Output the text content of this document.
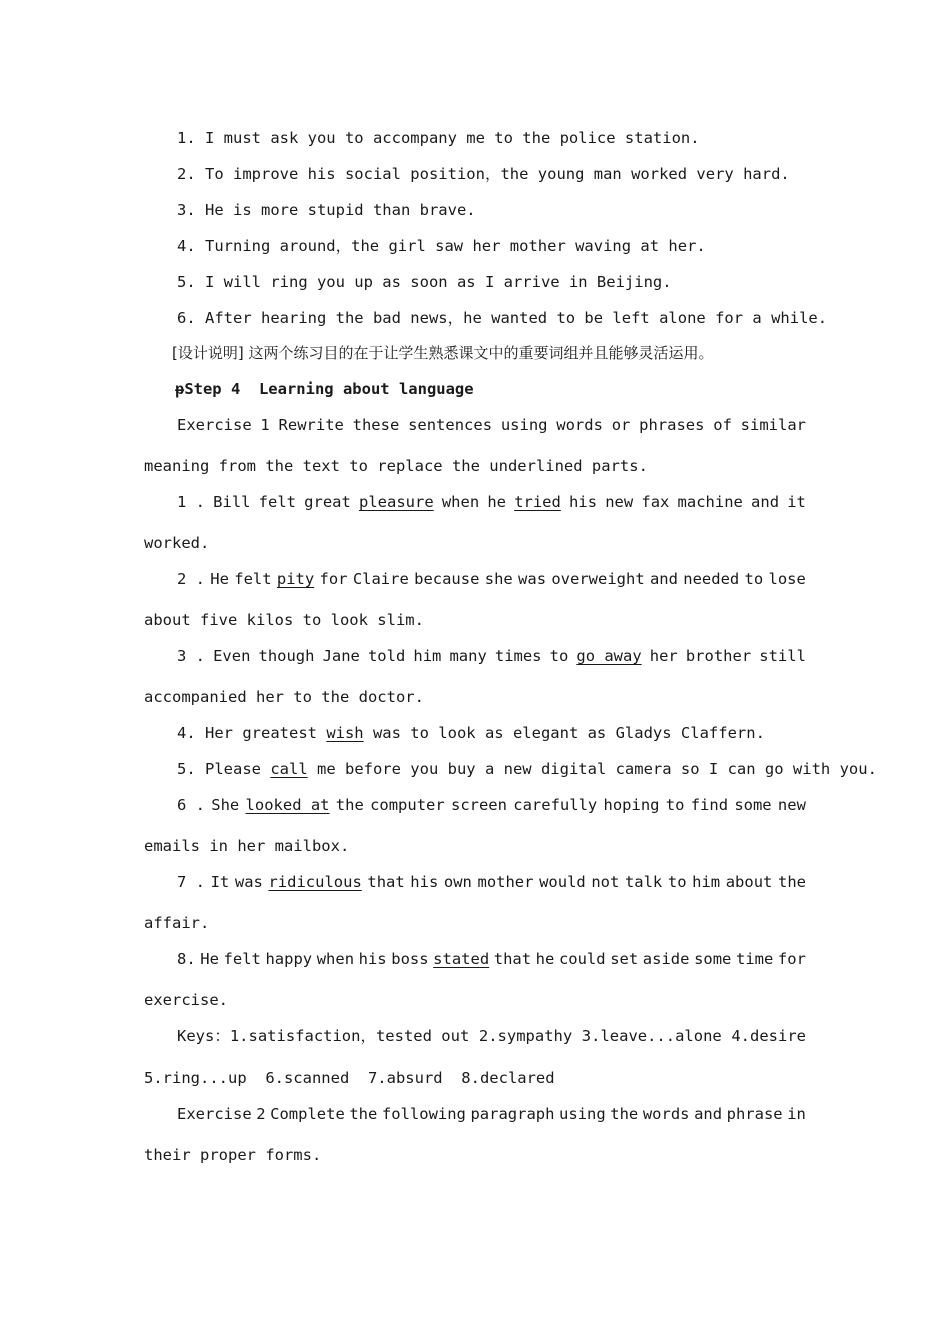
1. I must ask you to accompany me to the police station.
2. To improve his social position，the young man worked very hard.
3. He is more stupid than brave.
4. Turning around，the girl saw her mother waving at her.
5. I will ring you up as soon as I arrive in Beijing.
6. After hearing the bad news，he wanted to be left alone for a while.
[设计说明] 这两个练习目的在于让学生熟悉课文中的重要词组并且能够灵活运用。
ᵽStep 4  Learning about language
Exercise 1 Rewrite these sentences using words or phrases of similar
meaning from the text to replace the underlined parts.
1 . Bill felt great pleasure when he tried his new fax machine and it
worked.
2 . He felt pity for Claire because she was overweight and needed to lose
about five kilos to look slim.
3 . Even though Jane told him many times to go away her brother still
accompanied her to the doctor.
4. Her greatest wish was to look as elegant as Gladys Claffern.
5. Please call me before you buy a new digital camera so I can go with you.
6 . She looked at the computer screen carefully hoping to find some new
emails in her mailbox.
7 . It was ridiculous that his own mother would not talk to him about the
affair.
8. He felt happy when his boss stated that he could set aside some time for
exercise.
Keys：1.satisfaction，tested out 2.sympathy 3.leave...alone 4.desire
5.ring...up  6.scanned  7.absurd  8.declared
Exercise 2 Complete the following paragraph using the words and phrase in
their proper forms.
